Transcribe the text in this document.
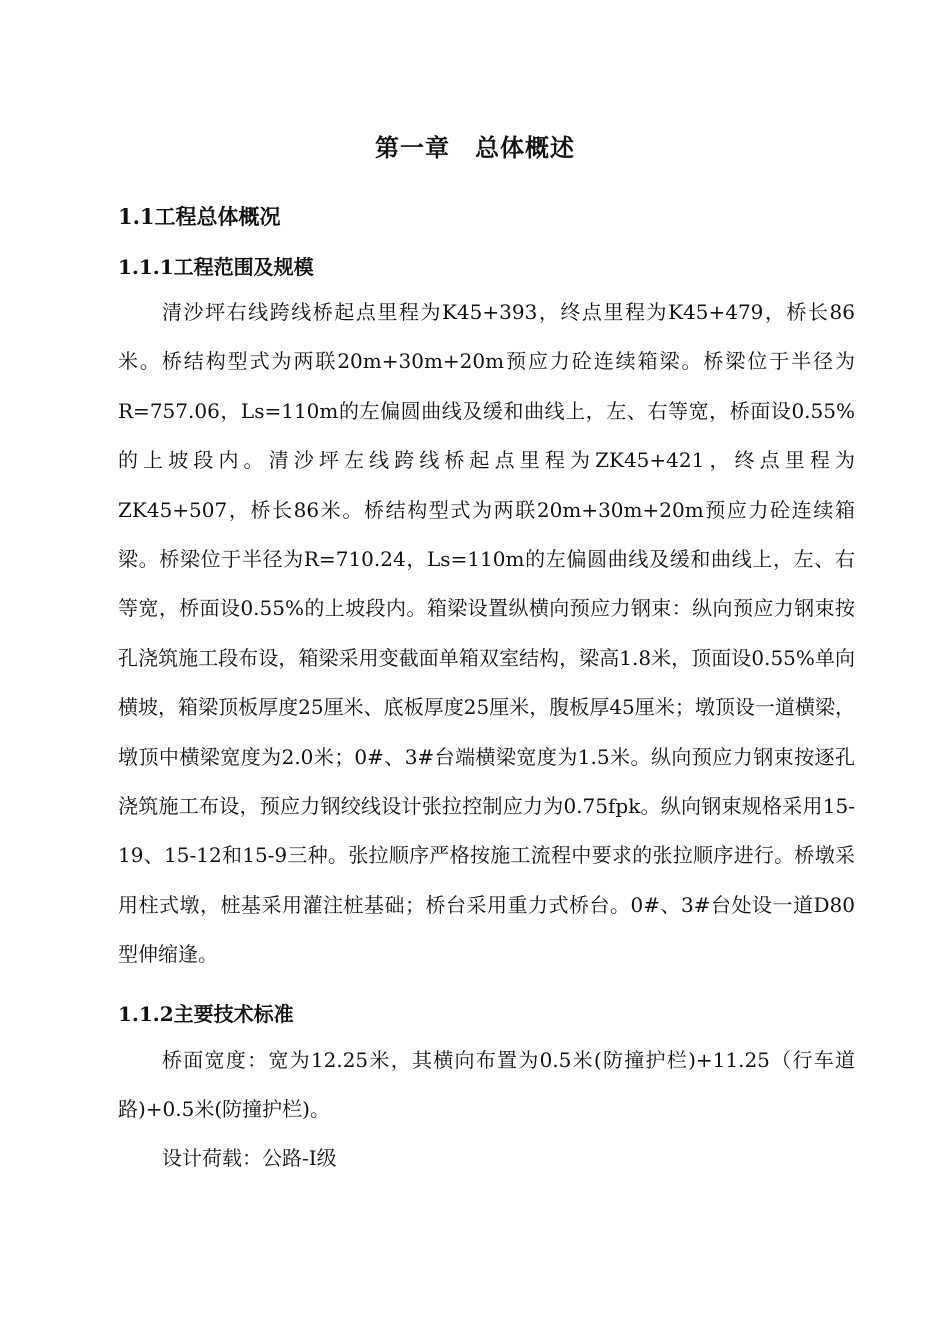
第一章　总体概述
1.1工程总体概况
1.1.1工程范围及规模

清沙坪右线跨线桥起点里程为K45+393，终点里程为K45+479，桥长86米。桥结构型式为两联20m+30m+20m预应力砼连续箱梁。桥梁位于半径为R=757.06，Ls=110m的左偏圆曲线及缓和曲线上，左、右等宽，桥面设0.55%的上坡段内。清沙坪左线跨线桥起点里程为ZK45+421，终点里程为ZK45+507，桥长86米。桥结构型式为两联20m+30m+20m预应力砼连续箱梁。桥梁位于半径为R=710.24，Ls=110m的左偏圆曲线及缓和曲线上，左、右等宽，桥面设0.55%的上坡段内。箱梁设置纵横向预应力钢束：纵向预应力钢束按孔浇筑施工段布设，箱梁采用变截面单箱双室结构，梁高1.8米，顶面设0.55%单向横坡，箱梁顶板厚度25厘米、底板厚度25厘米，腹板厚45厘米；墩顶设一道横梁，墩顶中横梁宽度为2.0米；0#、3#台端横梁宽度为1.5米。纵向预应力钢束按逐孔浇筑施工布设，预应力钢绞线设计张拉控制应力为0.75fpk。纵向钢束规格采用15-19、15-12和15-9三种。张拉顺序严格按施工流程中要求的张拉顺序进行。桥墩采用柱式墩，桩基采用灌注桩基础；桥台采用重力式桥台。0#、3#台处设一道D80型伸缩逢。

1.1.2主要技术标准

桥面宽度：宽为12.25米，其横向布置为0.5米(防撞护栏)+11.25（行车道路)+0.5米(防撞护栏)。

设计荷载：公路-Ⅰ级
